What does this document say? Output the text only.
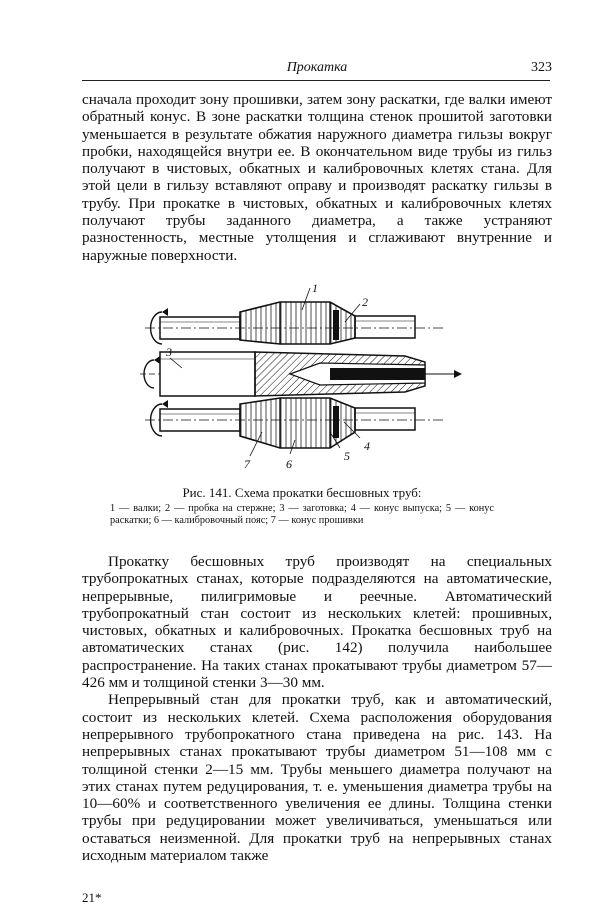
Прокатка	323

сначала проходит зону прошивки, затем зону раскатки, где валки имеют обратный конус. В зоне раскатки толщина стенок прошитой заготовки уменьшается в результате обжатия наружного диаметра гильзы вокруг пробки, находящейся внутри ее. В окончательном виде трубы из гильз получают в чистовых, обкатных и калибровочных клетях стана. Для этой цели в гильзу вставляют оправу и производят раскатку гильзы в трубу. При прокатке в чистовых, обкатных и калибровочных клетях получают трубы заданного диаметра, а также устраняют разностенность, местные утолщения и сглаживают внутренние и наружные поверхности.

1
2
3
4
5
6
7
Рис. 141. Схема прокатки бесшовных труб:
1 — валки; 2 — пробка на стержне; 3 — заготовка; 4 — конус выпуска; 5 — конус раскатки; 6 — калибровочный пояс; 7 — конус прошивки

Прокатку бесшовных труб производят на специальных трубопрокатных станах, которые подразделяются на автоматические, непрерывные, пилигримовые и реечные. Автоматический трубопрокатный стан состоит из нескольких клетей: прошивных, чистовых, обкатных и калибровочных. Прокатка бесшовных труб на автоматических станах (рис. 142) получила наибольшее распространение. На таких станах прокатывают трубы диаметром 57—426 мм и толщиной стенки 3—30 мм.

Непрерывный стан для прокатки труб, как и автоматический, состоит из нескольких клетей. Схема расположения оборудования непрерывного трубопрокатного стана приведена на рис. 143. На непрерывных станах прокатывают трубы диаметром 51—108 мм с толщиной стенки 2—15 мм. Трубы меньшего диаметра получают на этих станах путем редуцирования, т. е. уменьшения диаметра трубы на 10—60% и соответственного увеличения ее длины. Толщина стенки трубы при редуцировании может увеличиваться, уменьшаться или оставаться неизменной. Для прокатки труб на непрерывных станах исходным материалом также

21*
